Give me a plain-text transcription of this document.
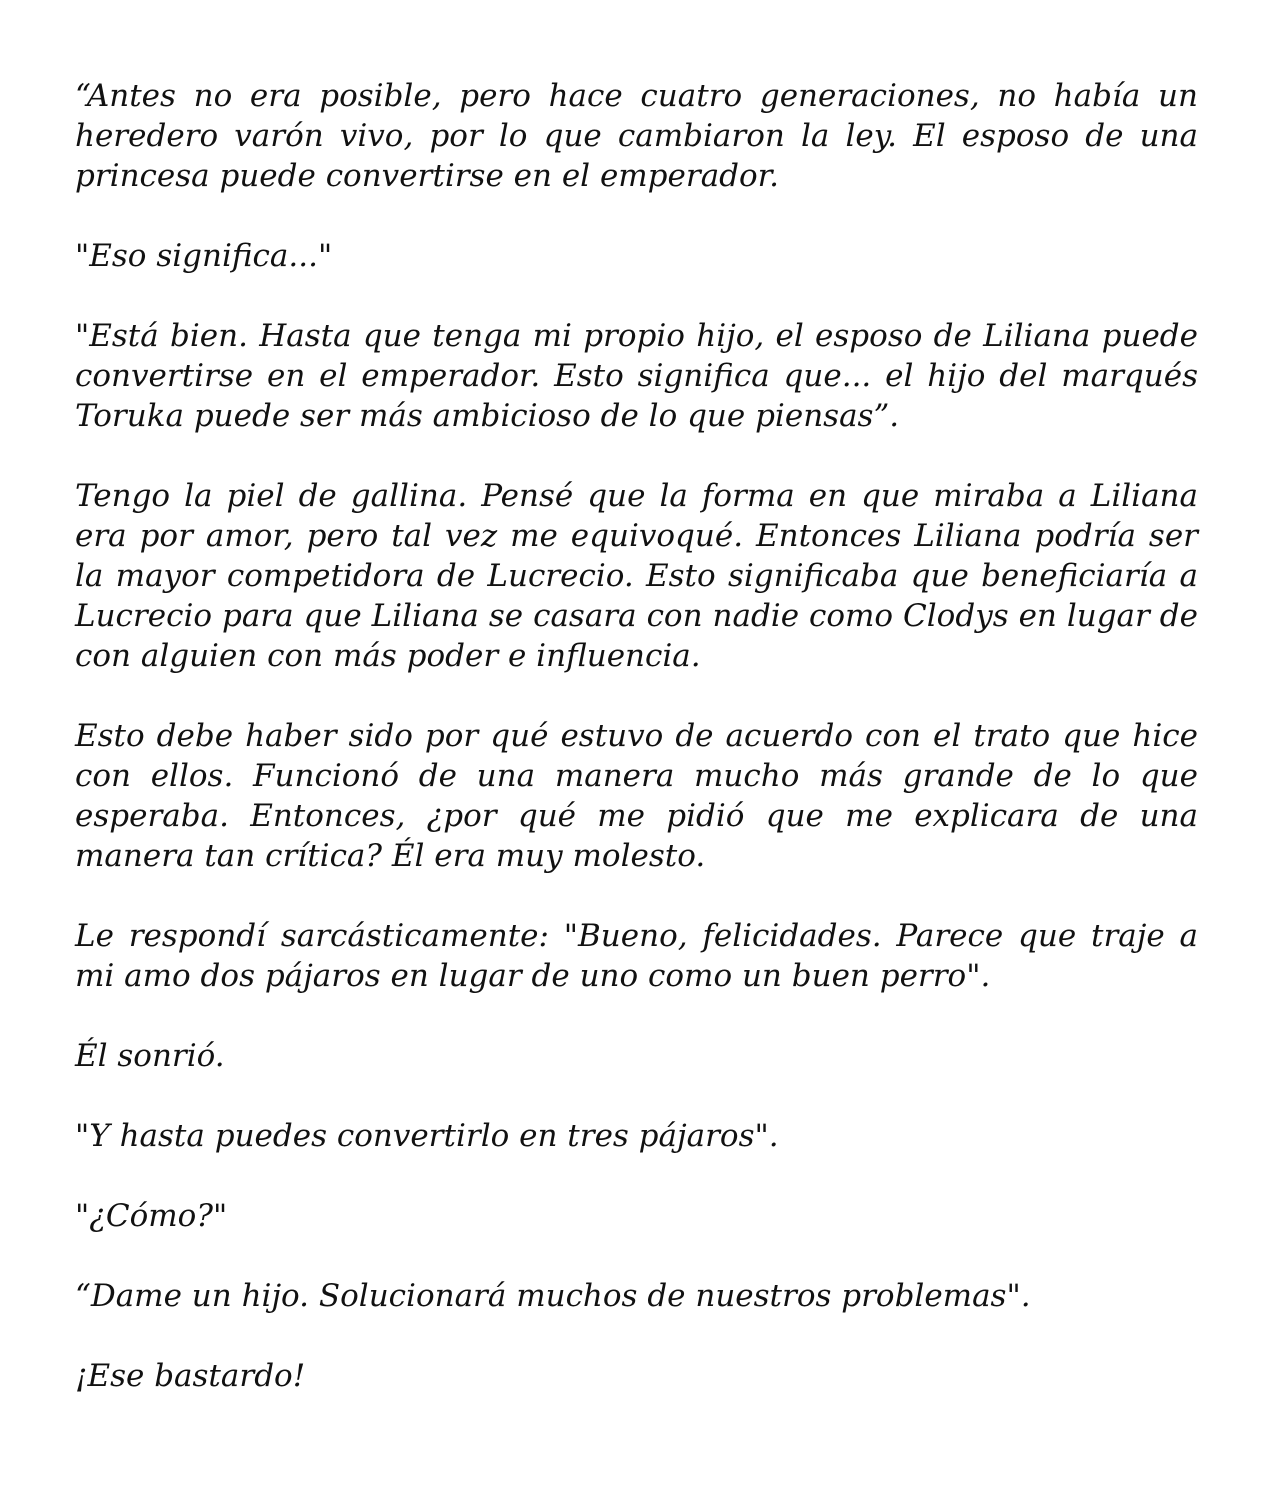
“Antes no era posible, pero hace cuatro generaciones, no había un heredero varón vivo, por lo que cambiaron la ley. El esposo de una princesa puede convertirse en el emperador.

"Eso significa..."

"Está bien. Hasta que tenga mi propio hijo, el esposo de Liliana puede convertirse en el emperador. Esto significa que... el hijo del marqués Toruka puede ser más ambicioso de lo que piensas”.

Tengo la piel de gallina. Pensé que la forma en que miraba a Liliana era por amor, pero tal vez me equivoqué. Entonces Liliana podría ser la mayor competidora de Lucrecio. Esto significaba que beneficiaría a Lucrecio para que Liliana se casara con nadie como Clodys en lugar de con alguien con más poder e influencia.

Esto debe haber sido por qué estuvo de acuerdo con el trato que hice con ellos. Funcionó de una manera mucho más grande de lo que esperaba. Entonces, ¿por qué me pidió que me explicara de una manera tan crítica? Él era muy molesto.

Le respondí sarcásticamente: "Bueno, felicidades. Parece que traje a mi amo dos pájaros en lugar de uno como un buen perro".

Él sonrió.

"Y hasta puedes convertirlo en tres pájaros".

"¿Cómo?"

“Dame un hijo. Solucionará muchos de nuestros problemas".

¡Ese bastardo!
